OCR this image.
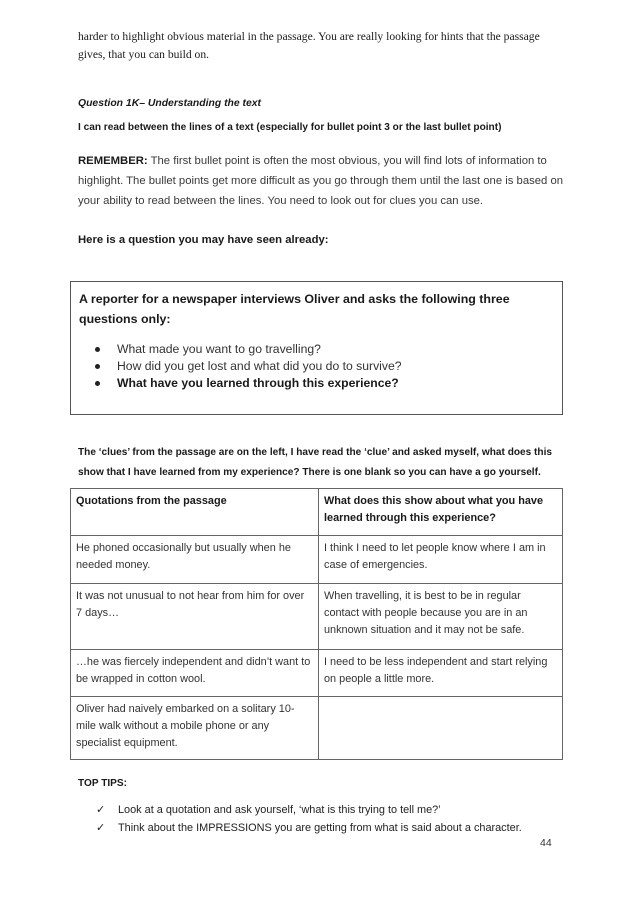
harder to highlight obvious material in the passage. You are really looking for hints that the passage gives, that you can build on.
Question 1K– Understanding the text
I can read between the lines of a text (especially for bullet point 3 or the last bullet point)
REMEMBER: The first bullet point is often the most obvious, you will find lots of information to highlight. The bullet points get more difficult as you go through them until the last one is based on your ability to read between the lines. You need to look out for clues you can use.
Here is a question you may have seen already:
A reporter for a newspaper interviews Oliver and asks the following three questions only:
What made you want to go travelling?
How did you get lost and what did you do to survive?
What have you learned through this experience?
The ‘clues’ from the passage are on the left, I have read the ‘clue’ and asked myself, what does this show that I have learned from my experience? There is one blank so you can have a go yourself.
Quotations from the passage	What does this show about what you have learned through this experience?
He phoned occasionally but usually when he needed money.	I think I need to let people know where I am in case of emergencies.
It was not unusual to not hear from him for over 7 days…	When travelling, it is best to be in regular contact with people because you are in an unknown situation and it may not be safe.
…he was fiercely independent and didn’t want to be wrapped in cotton wool.	I need to be less independent and start relying on people a little more.
Oliver had naively embarked on a solitary 10-mile walk without a mobile phone or any specialist equipment.	
TOP TIPS:
✓ Look at a quotation and ask yourself, ‘what is this trying to tell me?’
✓ Think about the IMPRESSIONS you are getting from what is said about a character.
44
